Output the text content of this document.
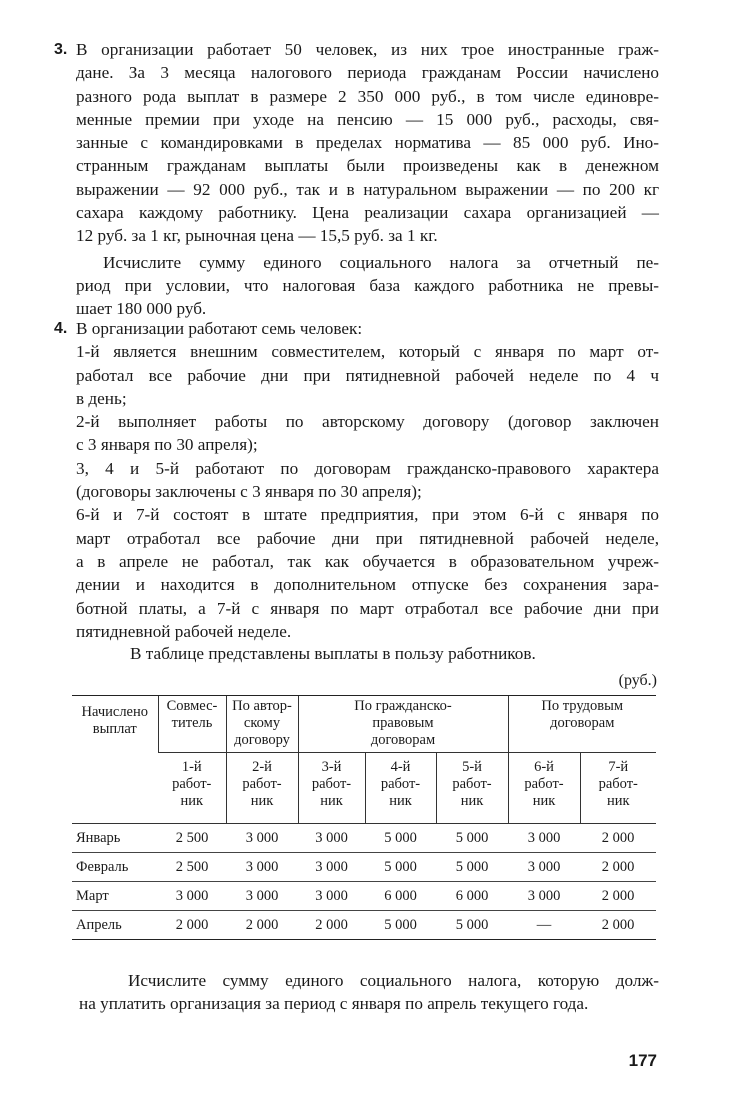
3. В организации работает 50 человек, из них трое иностранные граж-
дане. За 3 месяца налогового периода гражданам России начислено
разного рода выплат в размере 2 350 000 руб., в том числе единовре-
менные премии при уходе на пенсию — 15 000 руб., расходы, свя-
занные с командировками в пределах норматива — 85 000 руб. Ино-
странным гражданам выплаты были произведены как в денежном
выражении — 92 000 руб., так и в натуральном выражении — по 200 кг
сахара каждому работнику. Цена реализации сахара организацией —
12 руб. за 1 кг, рыночная цена — 15,5 руб. за 1 кг.
Исчислите сумму единого социального налога за отчетный пе-
риод при условии, что налоговая база каждого работника не превы-
шает 180 000 руб.
4. В организации работают семь человек:
1-й является внешним совместителем, который с января по март от-
работал все рабочие дни при пятидневной рабочей неделе по 4 ч
в день;
2-й выполняет работы по авторскому договору (договор заключен
с 3 января по 30 апреля);
3, 4 и 5-й работают по договорам гражданско-правового характера
(договоры заключены с 3 января по 30 апреля);
6-й и 7-й состоят в штате предприятия, при этом 6-й с января по
март отработал все рабочие дни при пятидневной рабочей неделе,
а в апреле не работал, так как обучается в образовательном учреж-
дении и находится в дополнительном отпуске без сохранения зара-
ботной платы, а 7-й с января по март отработал все рабочие дни при
пятидневной рабочей неделе.
В таблице представлены выплаты в пользу работников.
(руб.)
Начислено выплат	Совмес-титель	По автор-скому договору	По гражданско-правовым договорам			По трудовым договорам	
	1-й работ-ник	2-й работ-ник	3-й работ-ник	4-й работ-ник	5-й работ-ник	6-й работ-ник	7-й работ-ник
Январь	2 500	3 000	3 000	5 000	5 000	3 000	2 000
Февраль	2 500	3 000	3 000	5 000	5 000	3 000	2 000
Март	3 000	3 000	3 000	6 000	6 000	3 000	2 000
Апрель	2 000	2 000	2 000	5 000	5 000	—	2 000
Исчислите сумму единого социального налога, которую долж-
на уплатить организация за период с января по апрель текущего года.
177
